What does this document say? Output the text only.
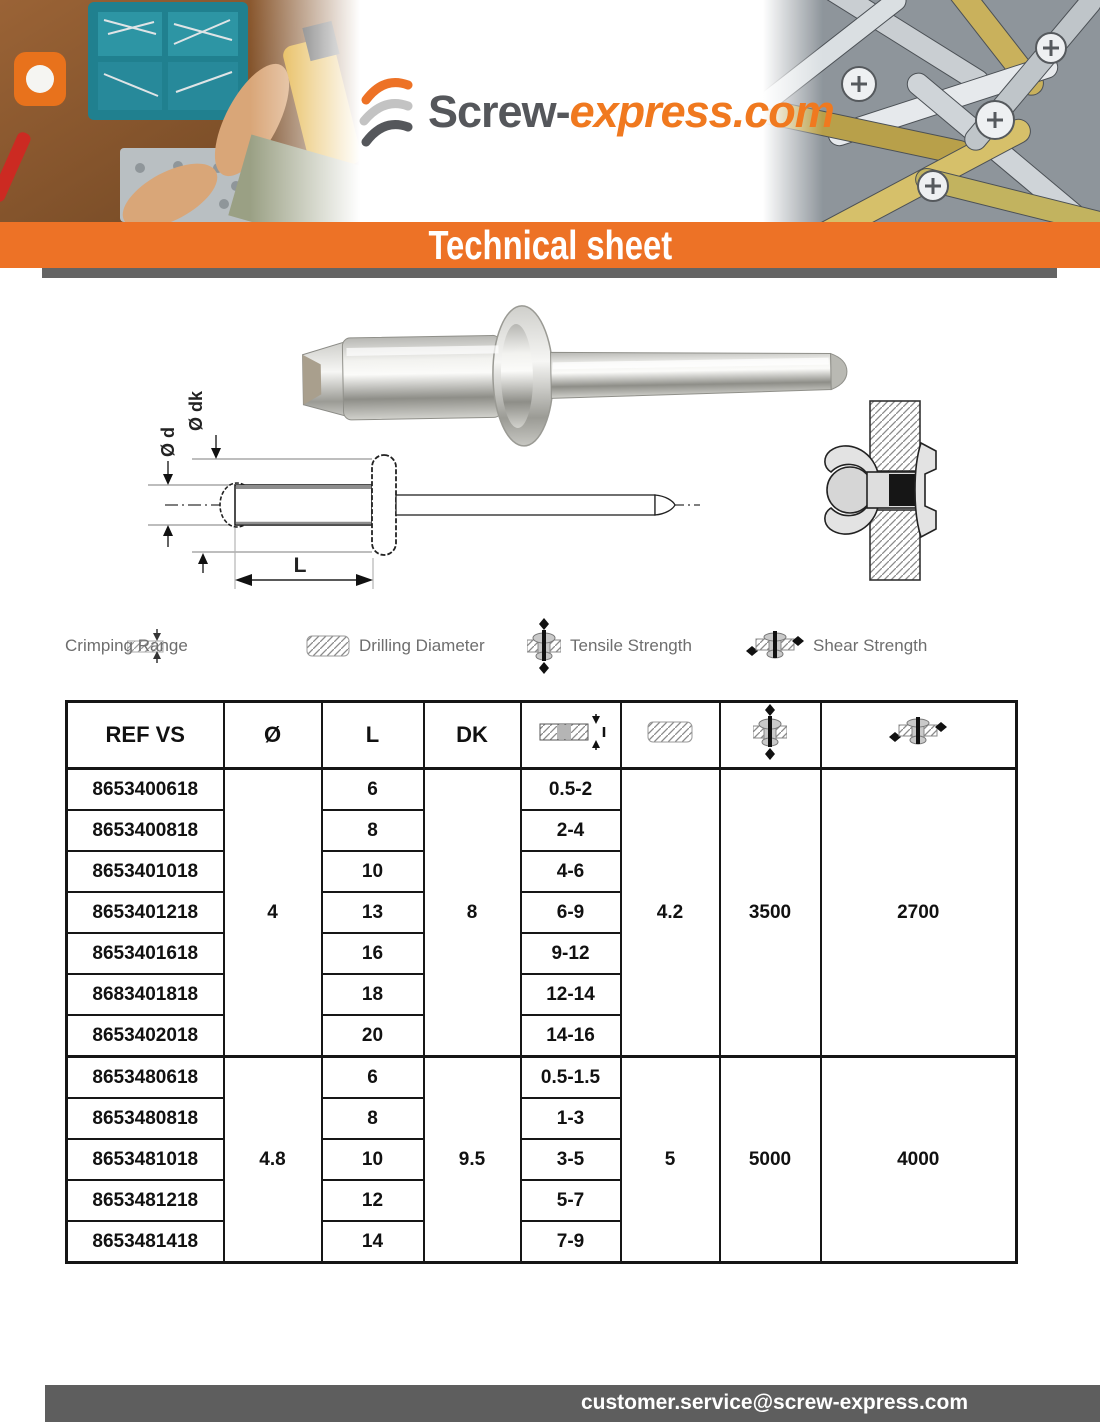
Screw-express.com
Technical sheet
Ø d
Ø dk
L
Crimping Range	Drilling Diameter	Tensile Strength	Shear Strength
REF VS	Ø	L	DK				
8653400618	4	6	8	0.5-2	4.2	3500	2700
8653400818		8		2-4			
8653401018		10		4-6			
8653401218		13		6-9			
8653401618		16		9-12			
8683401818		18		12-14			
8653402018		20		14-16			
8653480618	4.8	6	9.5	0.5-1.5	5	5000	4000
8653480818		8		1-3			
8653481018		10		3-5			
8653481218		12		5-7			
8653481418		14		7-9			
customer.service@screw-express.com
